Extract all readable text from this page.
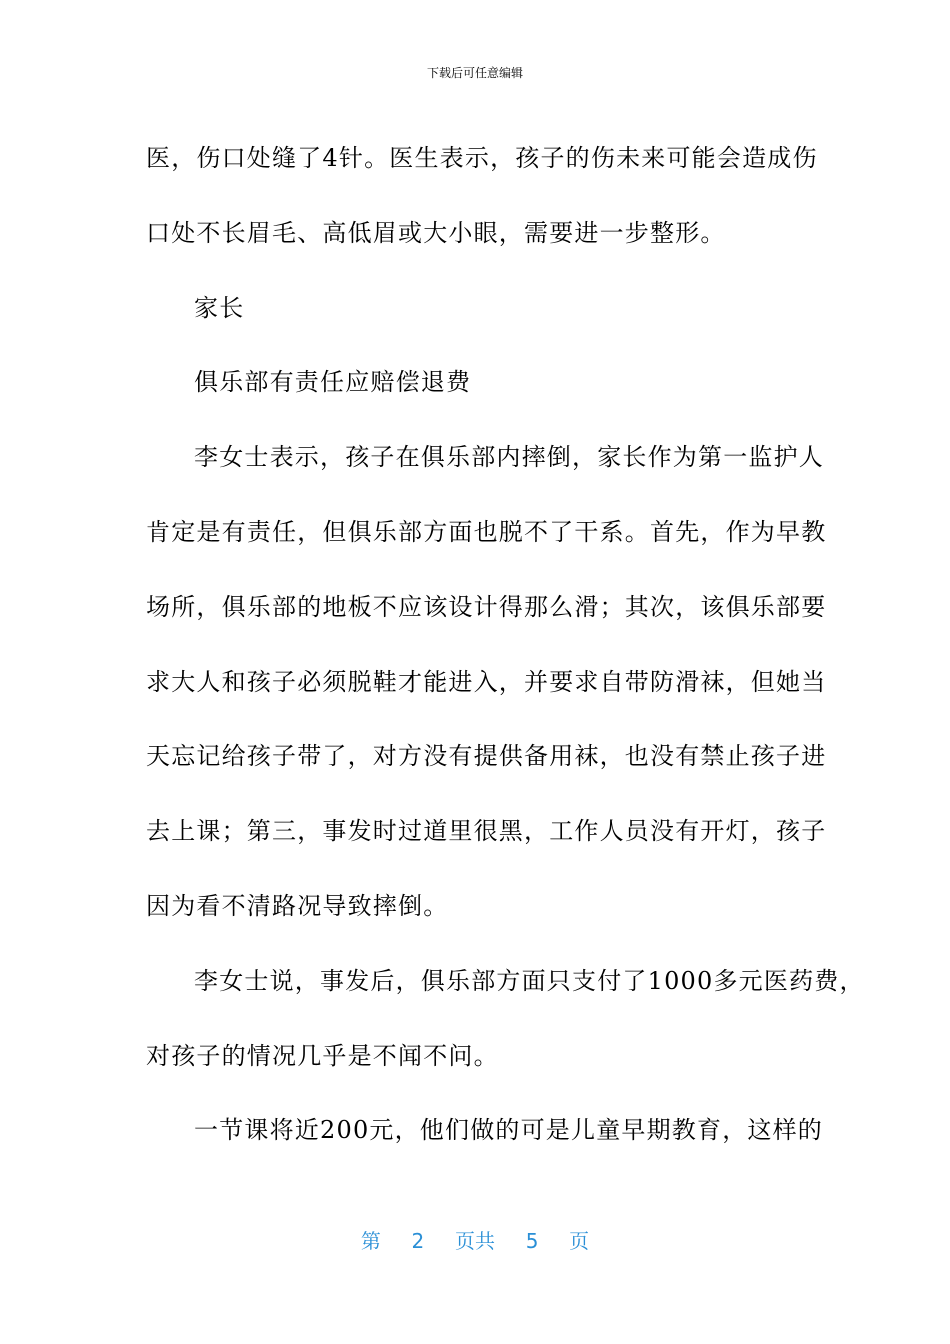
下载后可任意编辑
医，伤口处缝了4针。医生表示，孩子的伤未来可能会造成伤
口处不长眉毛、高低眉或大小眼，需要进一步整形。
家长
俱乐部有责任应赔偿退费
李女士表示，孩子在俱乐部内摔倒，家长作为第一监护人
肯定是有责任，但俱乐部方面也脱不了干系。首先，作为早教
场所，俱乐部的地板不应该设计得那么滑；其次，该俱乐部要
求大人和孩子必须脱鞋才能进入，并要求自带防滑袜，但她当
天忘记给孩子带了，对方没有提供备用袜，也没有禁止孩子进
去上课；第三，事发时过道里很黑，工作人员没有开灯，孩子
因为看不清路况导致摔倒。
李女士说，事发后，俱乐部方面只支付了1000多元医药费，
对孩子的情况几乎是不闻不问。
一节课将近200元，他们做的可是儿童早期教育，这样的
第 2 页共 5 页
